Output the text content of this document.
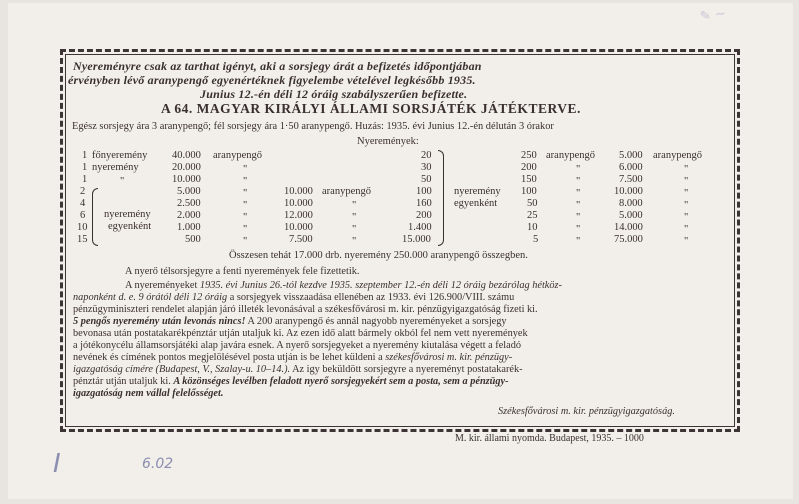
✎ ~
Nyereményre csak az tarthat igényt, aki a sorsjegy árát a befizetés időpontjában
érvényben lévő aranypengő egyenértéknek figyelembe vételével legkésőbb 1935.
Junius 12.-én déli 12 óráig szabályszerűen befizette.
A 64. MAGYAR KIRÁLYI ÁLLAMI SORSJÁTÉK JÁTÉKTERVE.
Egész sorsjegy ára 3 aranypengő; fél sorsjegy ára 1·50 aranypengő. Huzás: 1935. évi Junius 12.-én délután 3 órakor
Nyeremények:
1
1
1
2
4
6
10
15
főnyeremény
nyeremény
"
nyeremény
egyenként
40.000
20.000
10.000
5.000
2.500
2.000
1.000
500
aranypengő
"
"
"
"
"
"
"
10.000
10.000
12.000
10.000
7.500
aranypengő
"
"
"
"
20
30
50
100
160
200
1.400
15.000
nyeremény
egyenként
250
200
150
100
50
25
10
5
aranypengő
"
"
"
"
"
"
"
5.000
6.000
7.500
10.000
8.000
5.000
14.000
75.000
aranypengő
"
"
"
"
"
"
"
Összesen tehát 17.000 drb. nyeremény 250.000 aranypengő összegben.
A nyerő télsorsjegyre a fenti nyeremények fele fizettetik.
A nyereményeket 1935. évi Junius 26.-tól kezdve 1935. szeptember 12.-én déli 12 óráig bezárólag hétköz-
naponként d. e. 9 órától déli 12 óráig a sorsjegyek visszaadása ellenében az 1933. évi 126.900/VIII. számu
pénzügyminiszteri rendelet alapján járó illeték levonásával a székesfővárosi m. kir. pénzügyigazgatóság fizeti ki.
5 pengős nyeremény után levonás nincs! A 200 aranypengő és annál nagyobb nyereményeket a sorsjegy
bevonasa után postatakarékpénztár utján utaljuk ki. Az ezen idő alatt bármely okból fel nem vett nyeremények
a jótékonycélu államsorsjátéki alap javára esnek. A nyerő sorsjegyeket a nyeremény kiutalása végett a feladó
nevének és címének pontos megjelölésével posta utján is be lehet küldeni a székesfővárosi m. kir. pénzügy-
igazgatóság címére (Budapest, V., Szalay-u. 10–14.). Az igy beküldött sorsjegyre a nyereményt postatakarék-
pénztár utján utaljuk ki. A közönséges levélben feladott nyerő sorsjegyekért sem a posta, sem a pénzügy-
igazgatóság nem vállal felelősséget.
Székesfővárosi m. kir. pénzügyigazgatóság.
M. kir. állami nyomda. Budapest, 1935. – 1000
I	6.02
